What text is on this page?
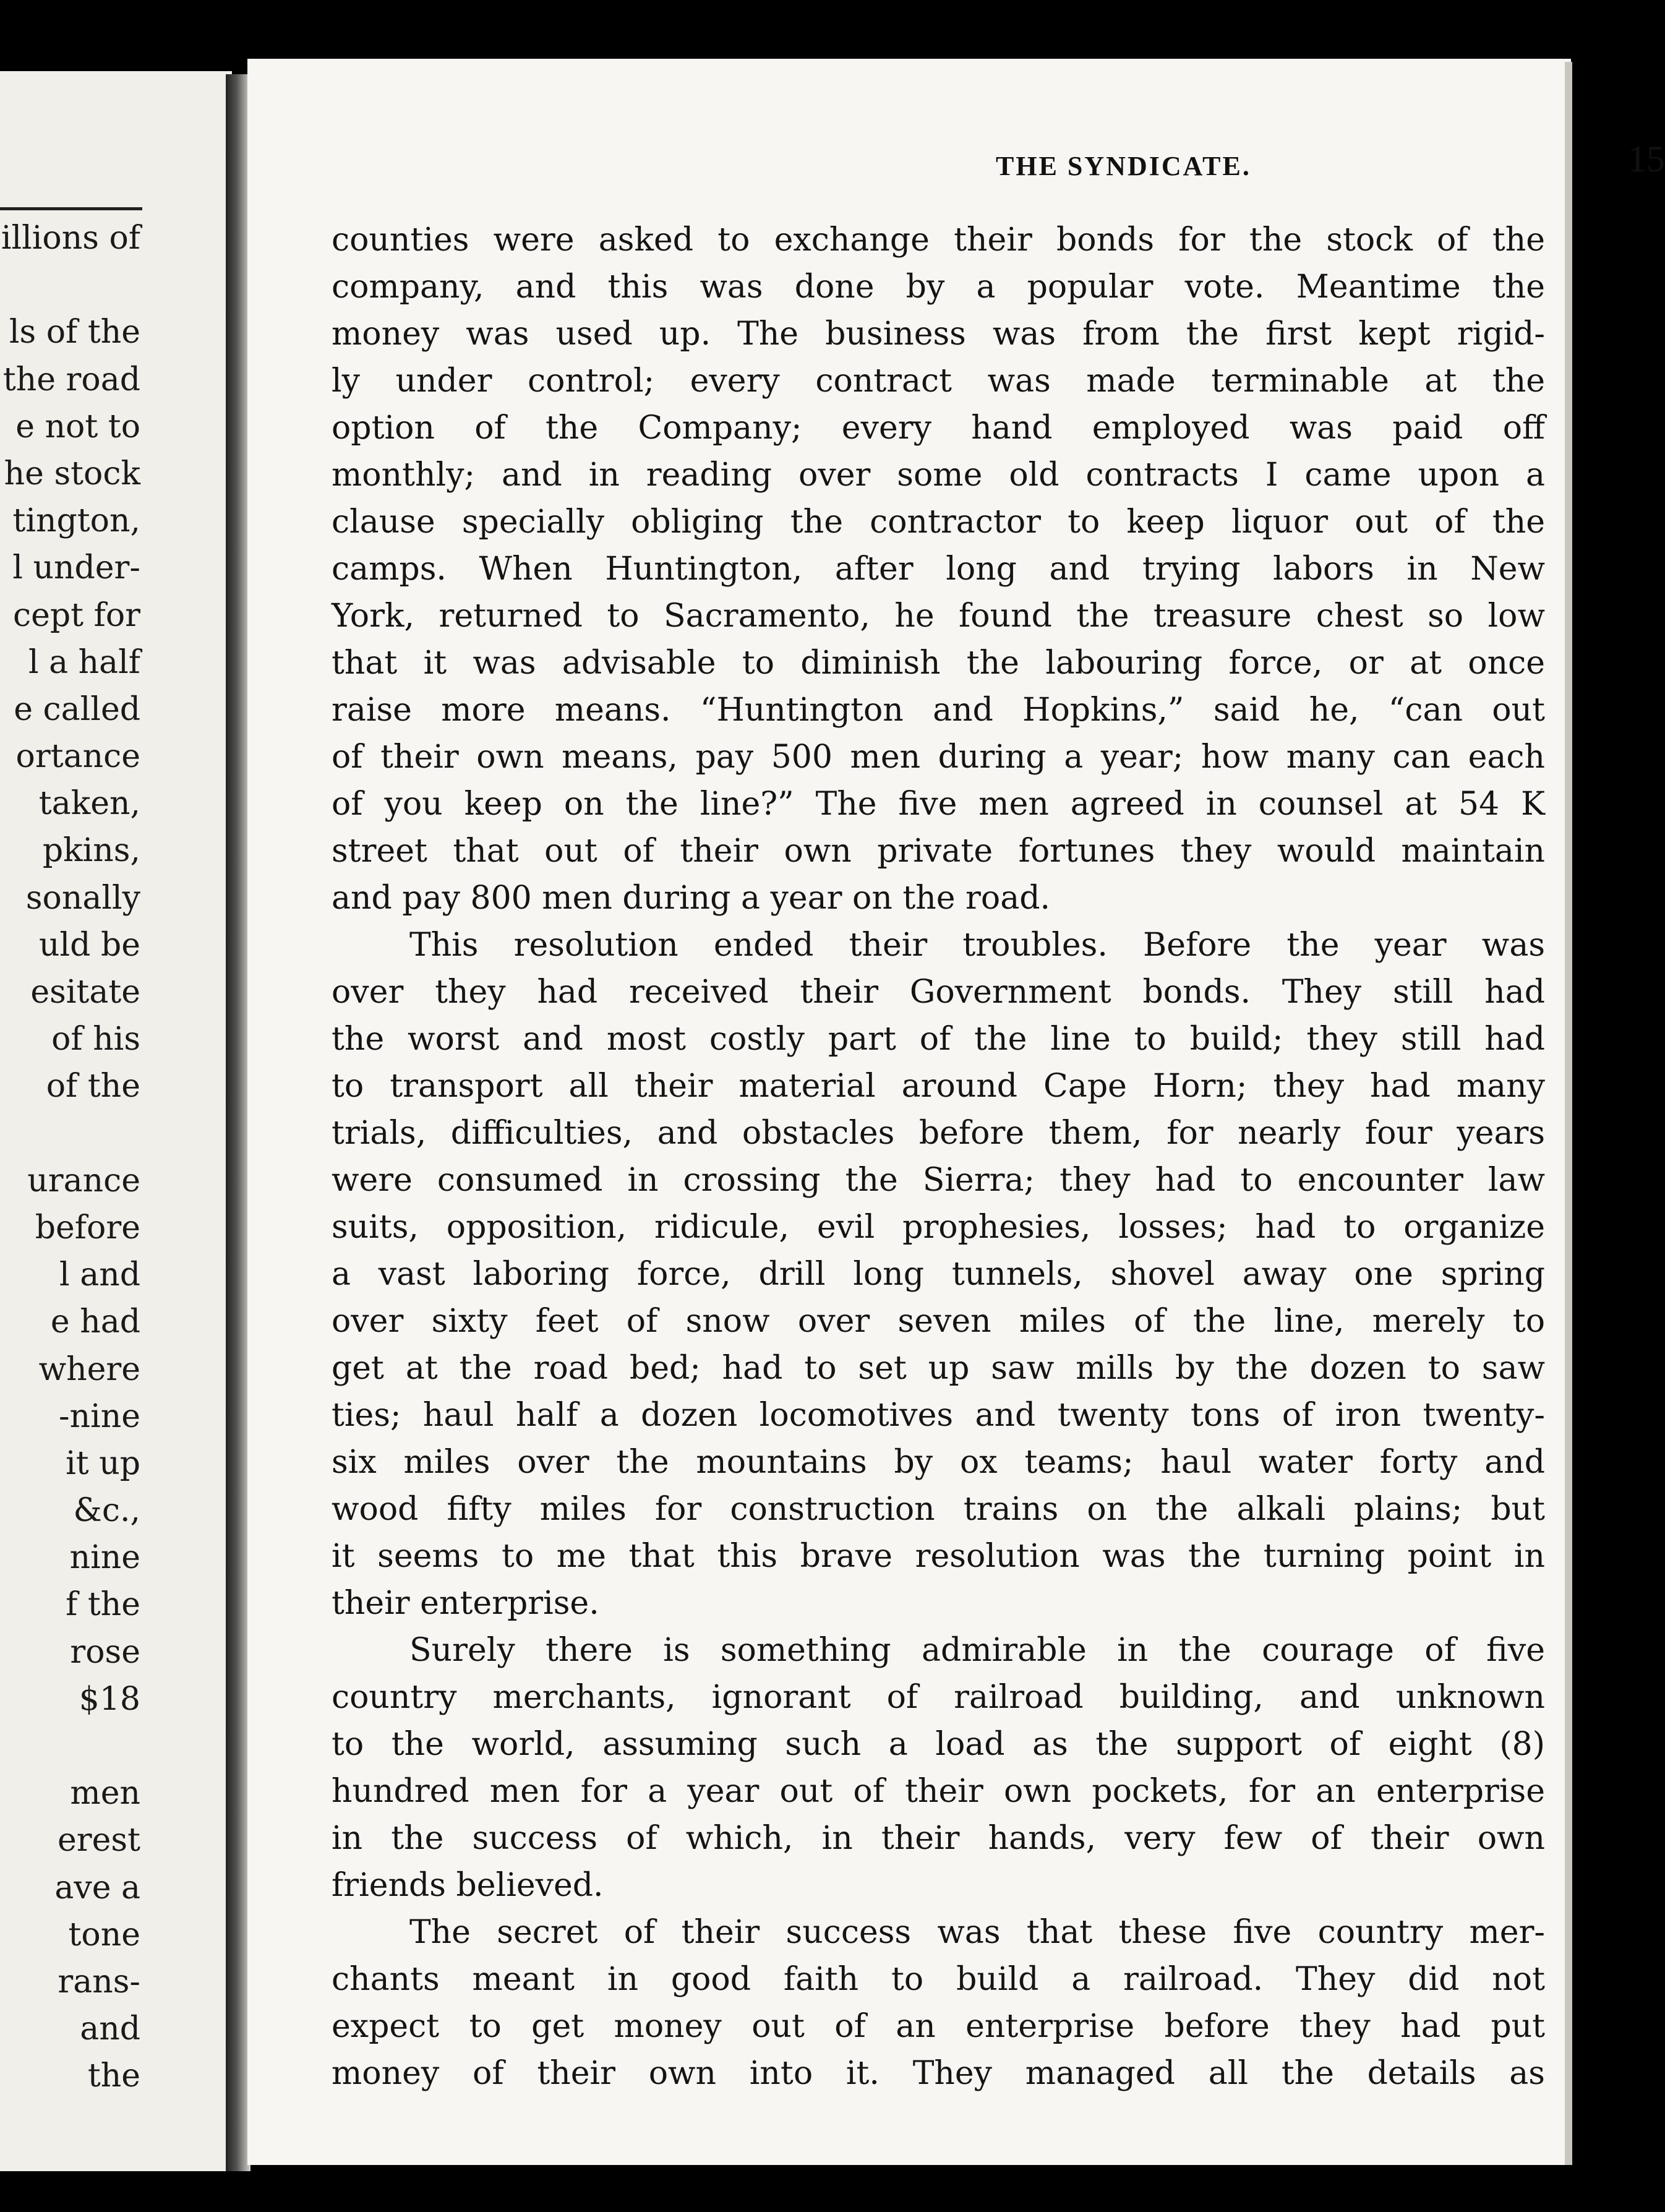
illions of
ls of the
the road
e not to
he stock
tington,
l under-
cept for
l a half
e called
ortance
taken,
pkins,
sonally
uld be
esitate
of his
of the
urance
before
l and
e had
where
-nine
it up
&c.,
nine
f the
rose
$18
men
erest
ave a
tone
rans-
and
the
THE SYNDICATE.	15
counties were asked to exchange their bonds for the stock of the
company, and this was done by a popular vote. Meantime the
money was used up. The business was from the first kept rigid-
ly under control; every contract was made terminable at the
option of the Company; every hand employed was paid off
monthly; and in reading over some old contracts I came upon a
clause specially obliging the contractor to keep liquor out of the
camps. When Huntington, after long and trying labors in New
York, returned to Sacramento, he found the treasure chest so low
that it was advisable to diminish the labouring force, or at once
raise more means. “Huntington and Hopkins,” said he, “can out
of their own means, pay 500 men during a year; how many can each
of you keep on the line?” The five men agreed in counsel at 54 K
street that out of their own private fortunes they would maintain
and pay 800 men during a year on the road.
This resolution ended their troubles. Before the year was
over they had received their Government bonds. They still had
the worst and most costly part of the line to build; they still had
to transport all their material around Cape Horn; they had many
trials, difficulties, and obstacles before them, for nearly four years
were consumed in crossing the Sierra; they had to encounter law
suits, opposition, ridicule, evil prophesies, losses; had to organize
a vast laboring force, drill long tunnels, shovel away one spring
over sixty feet of snow over seven miles of the line, merely to
get at the road bed; had to set up saw mills by the dozen to saw
ties; haul half a dozen locomotives and twenty tons of iron twenty-
six miles over the mountains by ox teams; haul water forty and
wood fifty miles for construction trains on the alkali plains; but
it seems to me that this brave resolution was the turning point in
their enterprise.
Surely there is something admirable in the courage of five
country merchants, ignorant of railroad building, and unknown
to the world, assuming such a load as the support of eight (8)
hundred men for a year out of their own pockets, for an enterprise
in the success of which, in their hands, very few of their own
friends believed.
The secret of their success was that these five country mer-
chants meant in good faith to build a railroad. They did not
expect to get money out of an enterprise before they had put
money of their own into it. They managed all the details as
